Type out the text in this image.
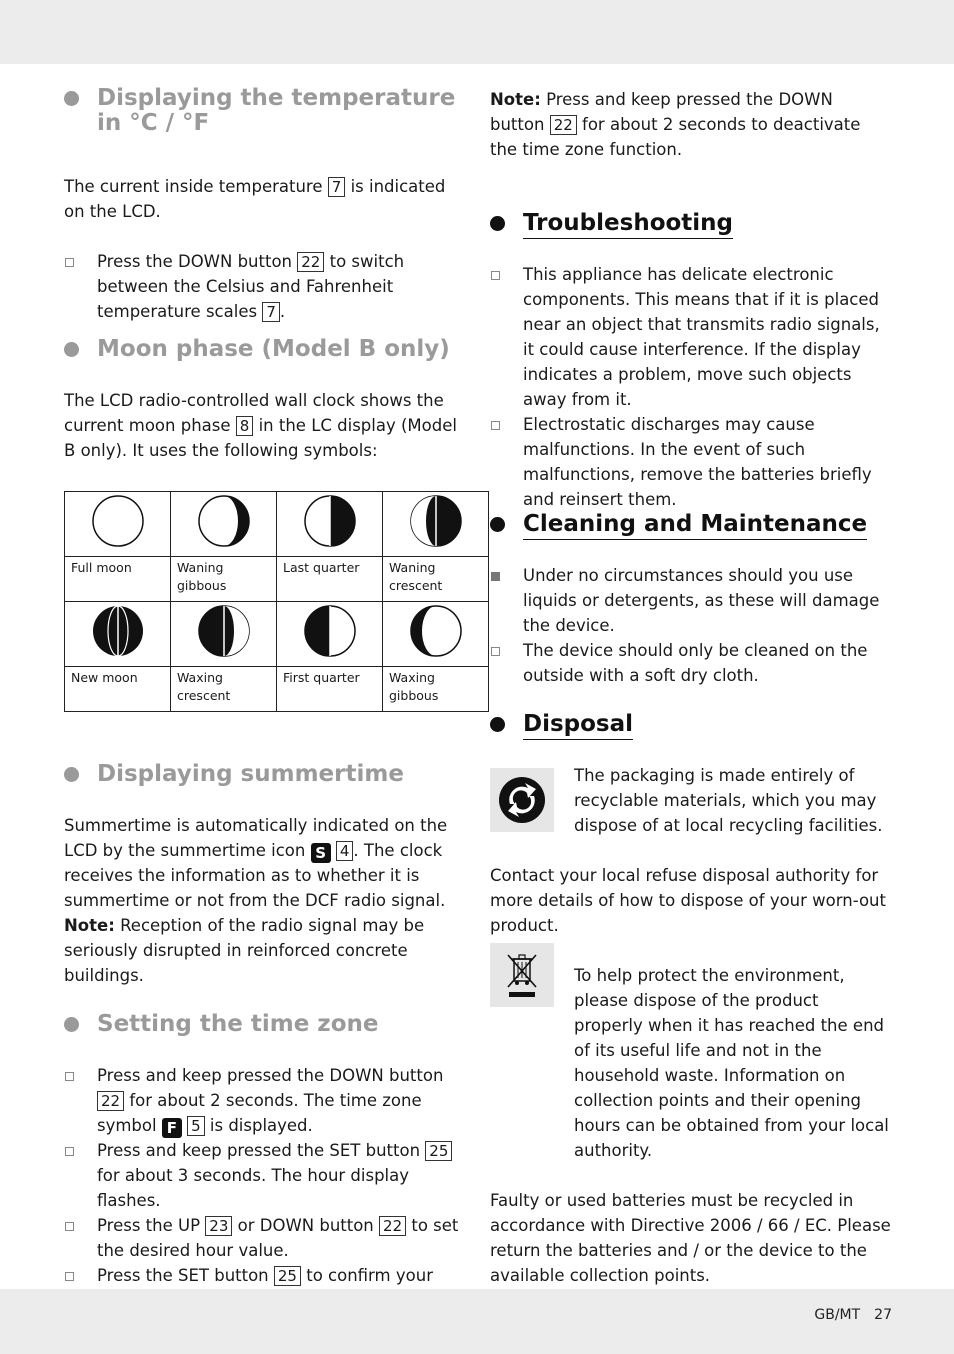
Displaying the temperature in °C / °F

The current inside temperature 7 is indicated on the LCD.

Press the DOWN button 22 to switch between the Celsius and Fahrenheit temperature scales 7 .
Moon phase (Model B only)

The LCD radio-controlled wall clock shows the current moon phase 8 in the LC display (Model B only). It uses the following symbols:

Full moon	Waning gibbous	Last quarter	Waning crescent

New moon	Waxing crescent	First quarter	Waxing gibbous
Displaying summertime

Summertime is automatically indicated on the LCD by the summertime icon S 4 . The clock receives the information as to whether it is summertime or not from the DCF radio signal.

Note: Reception of the radio signal may be seriously disrupted in reinforced concrete buildings.

Setting the time zone
Press and keep pressed the DOWN button 22 for about 2 seconds. The time zone symbol F 5 is displayed.
Press and keep pressed the SET button 25 for about 3 seconds. The hour display flashes.
Press the UP 23 or DOWN button 22 to set the desired hour value.
Press the SET button 25 to confirm your

Note: Press and keep pressed the DOWN button 22 for about 2 seconds to deactivate the time zone function.

Troubleshooting
This appliance has delicate electronic components. This means that if it is placed near an object that transmits radio signals, it could cause interference. If the display indicates a problem, move such objects away from it.
Electrostatic discharges may cause malfunctions. In the event of such malfunctions, remove the batteries briefly and reinsert them.
Cleaning and Maintenance
Under no circumstances should you use liquids or detergents, as these will damage the device.
The device should only be cleaned on the outside with a soft dry cloth.
Disposal

The packaging is made entirely of recyclable materials, which you may dispose of at local recycling facilities.

Contact your local refuse disposal authority for more details of how to dispose of your worn-out product.

To help protect the environment, please dispose of the product properly when it has reached the end of its useful life and not in the household waste. Information on collection points and their opening hours can be obtained from your local authority.

Faulty or used batteries must be recycled in accordance with Directive 2006 / 66 / EC. Please return the batteries and / or the device to the available collection points.

GB/MT 27
